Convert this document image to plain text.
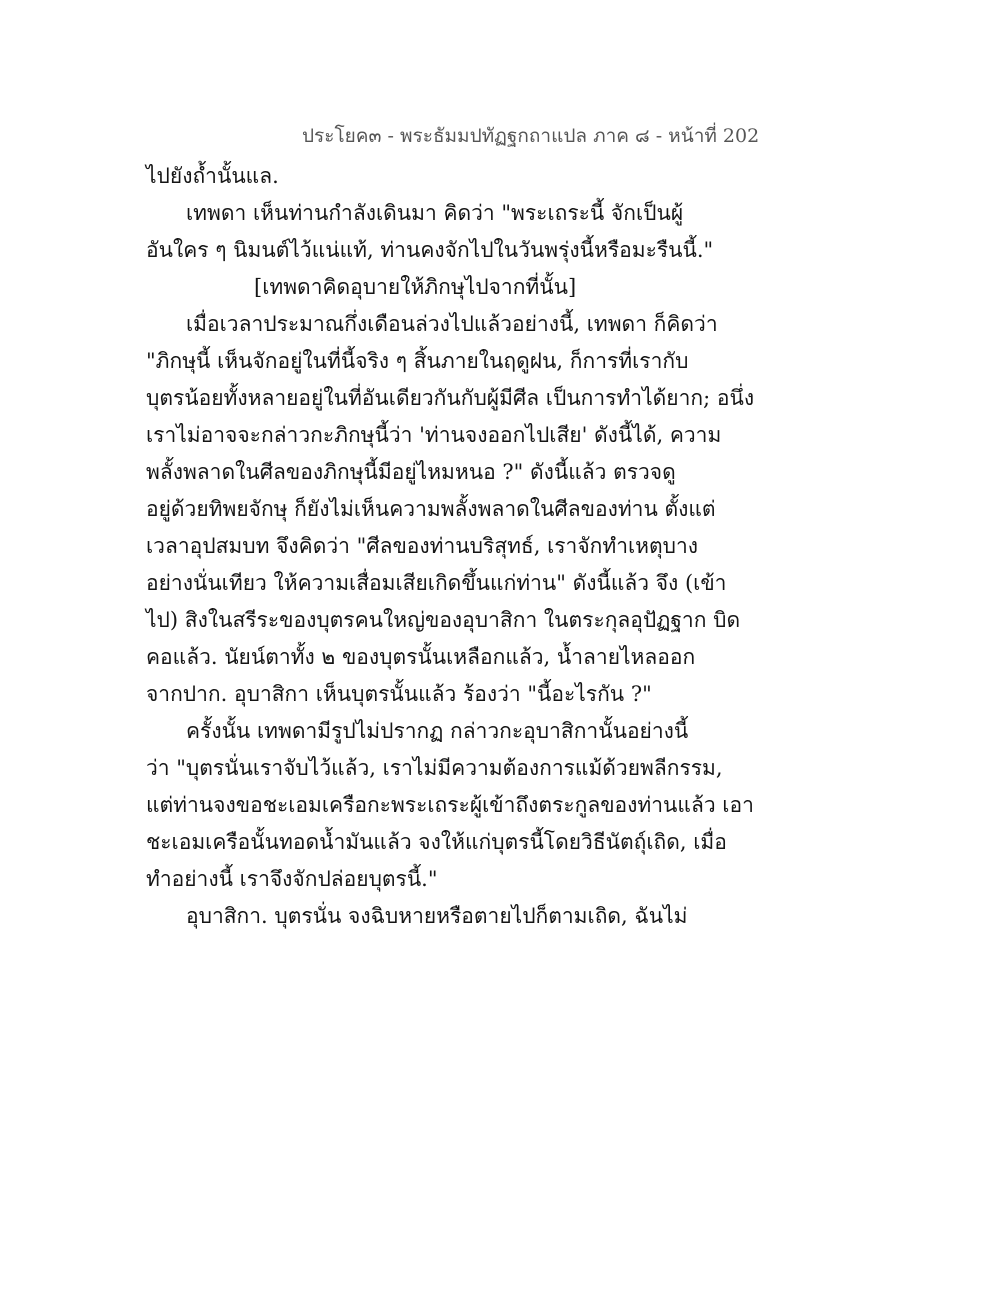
ประโยค๓ - พระธัมมปทัฏฐกถาแปล ภาค ๘ - หน้าที่ 202
ไปยังถ้ำนั้นแล.
เทพดา เห็นท่านกำลังเดินมา คิดว่า "พระเถระนี้ จักเป็นผู้
อันใคร ๆ นิมนต์ไว้แน่แท้, ท่านคงจักไปในวันพรุ่งนี้หรือมะรืนนี้."
[เทพดาคิดอุบายให้ภิกษุไปจากที่นั้น]
เมื่อเวลาประมาณกึ่งเดือนล่วงไปแล้วอย่างนี้, เทพดา ก็คิดว่า
"ภิกษุนี้ เห็นจักอยู่ในที่นี้จริง ๆ สิ้นภายในฤดูฝน, ก็การที่เรากับ
บุตรน้อยทั้งหลายอยู่ในที่อันเดียวกันกับผู้มีศีล เป็นการทำได้ยาก; อนึ่ง
เราไม่อาจจะกล่าวกะภิกษุนี้ว่า 'ท่านจงออกไปเสีย' ดังนี้ได้, ความ
พลั้งพลาดในศีลของภิกษุนี้มีอยู่ไหมหนอ ?" ดังนี้แล้ว ตรวจดู
อยู่ด้วยทิพยจักษุ ก็ยังไม่เห็นความพลั้งพลาดในศีลของท่าน ตั้งแต่
เวลาอุปสมบท จึงคิดว่า "ศีลของท่านบริสุทธ์, เราจักทำเหตุบาง
อย่างนั่นเทียว ให้ความเสื่อมเสียเกิดขึ้นแก่ท่าน" ดังนี้แล้ว จึง (เข้า
ไป) สิงในสรีระของบุตรคนใหญ่ของอุบาสิกา ในตระกุลอุปัฏฐาก บิด
คอแล้ว. นัยน์ตาทั้ง ๒ ของบุตรนั้นเหลือกแล้ว, น้ำลายไหลออก
จากปาก. อุบาสิกา เห็นบุตรนั้นแล้ว ร้องว่า "นี้อะไรกัน ?"
ครั้งนั้น เทพดามีรูปไม่ปรากฏ กล่าวกะอุบาสิกานั้นอย่างนี้
ว่า "บุตรนั่นเราจับไว้แล้ว, เราไม่มีความต้องการแม้ด้วยพลีกรรม,
แต่ท่านจงขอชะเอมเครือกะพระเถระผู้เข้าถึงตระกูลของท่านแล้ว เอา
ชะเอมเครือนั้นทอดน้ำมันแล้ว จงให้แก่บุตรนี้โดยวิธีนัตถุ์เถิด, เมื่อ
ทำอย่างนี้ เราจึงจักปล่อยบุตรนี้."
อุบาสิกา. บุตรนั่น จงฉิบหายหรือตายไปก็ตามเถิด, ฉันไม่
